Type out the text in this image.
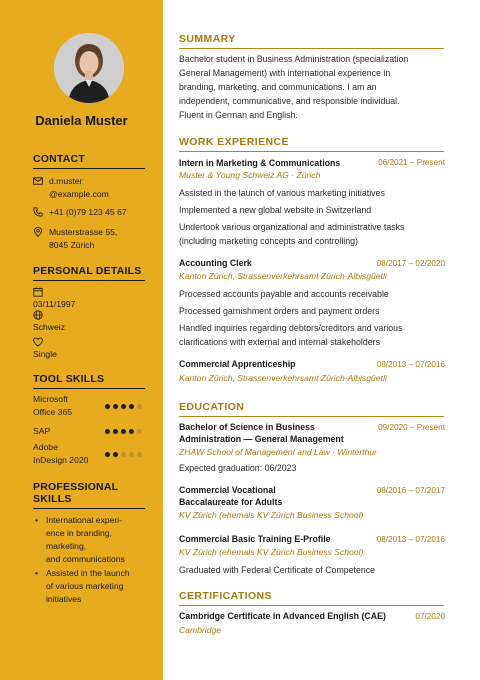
Daniela Muster
CONTACT
d.muster
@example.com
+41 (0)79 123 45 67
Musterstrasse 55,
8045 Zürich
PERSONAL DETAILS
03/11/1997
Schweiz
Single
TOOL SKILLS
Microsoft
Office 365
SAP
Adobe
InDesign 2020
PROFESSIONAL
SKILLS
• International experi-
ence in branding,
marketing,
and communications
• Assisted in the launch
of various marketing
initiatives
SUMMARY
Bachelor student in Business Administration (specialization
General Management) with international experience in
branding, marketing, and communications. I am an
independent, communicative, and responsible individual.
Fluent in German and English.
WORK EXPERIENCE
Intern in Marketing & Communications	06/2021 – Present
Muster & Young Schweiz AG · Zürich
Assisted in the launch of various marketing initiatives
Implemented a new global website in Switzerland
Undertook various organizational and administrative tasks
(including marketing concepts and controlling)
Accounting Clerk	08/2017 – 02/2020
Kanton Zürich, Strassenverkehrsamt Zürich-Albisgüetli
Processed accounts payable and accounts receivable
Processed garnishment orders and payment orders
Handled inquiries regarding debtors/creditors and various
clarifications with external and internal stakeholders
Commercial Apprenticeship	08/2013 – 07/2016
Kanton Zürich, Strassenverkehrsamt Zürich-Albisgüetli
EDUCATION
Bachelor of Science in Business
Administration — General Management
09/2020 – Present
ZHAW School of Management and Law · Winterthur
Expected graduation: 06/2023
Commercial Vocational
Baccalaureate for Adults
08/2016 – 07/2017
KV Zürich (ehemals KV Zürich Business School)
Commercial Basic Training E-Profile	08/2013 – 07/2016
KV Zürich (ehemals KV Zürich Business School)
Graduated with Federal Certificate of Competence
CERTIFICATIONS
Cambridge Certificate in Advanced English (CAE)	07/2020
Cambridge
